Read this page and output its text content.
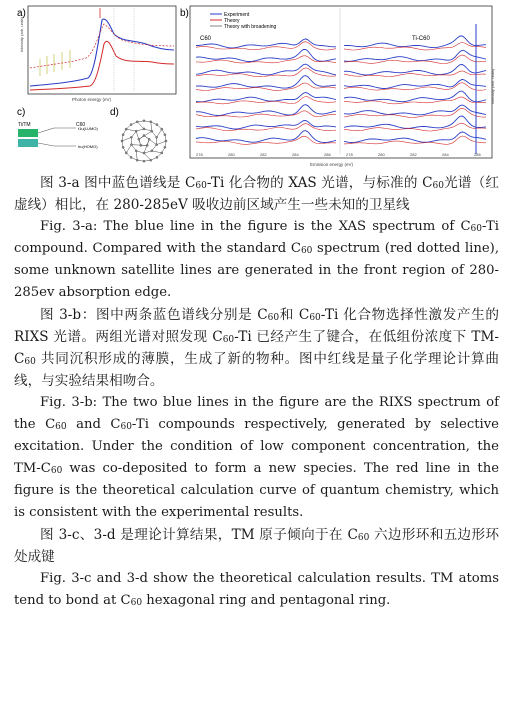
a)
Intensity (arb. units)
Photon energy (eV)
b)	Experiment
Theory
Theory with broadening
C60	Ti-C60
278	280	282	284	286	278	280	282	284	286
Emission energy (eV)
Intensity (arb. units)
c)
Ti/TM	C60
t1u(LUMO)
hu(HOMO)
d)

图 3-a 图中蓝色谱线是 $C_{60}-Ti$ 化合物的 XAS 光谱，与标准的 $C_{60}$光谱（红虚线）相比，在 280-285eV 吸收边前区域产生一些未知的卫星线

Fig. 3-a: The blue line in the figure is the XAS spectrum of $C_{60}-Ti$ compound. Compared with the standard $C_{60}$ spectrum (red dotted line), some unknown satellite lines are generated in the front region of 280-285ev absorption edge.

图 3-b：图中两条蓝色谱线分别是 $C_{60}$和 $C_{60}-Ti$ 化合物选择性激发产生的 RIXS 光谱。两组光谱对照发现 $C_{60}-Ti$ 已经产生了键合，在低组份浓度下 $TM-C_{60}$ 共同沉积形成的薄膜，生成了新的物种。图中红线是量子化学理论计算曲线，与实验结果相吻合。

Fig. 3-b: The two blue lines in the figure are the RIXS spectrum of the $C_{60}$ and $C_{60}-Ti$ compounds respectively, generated by selective excitation. Under the condition of low component concentration, the $TM-C_{60}$ was co-deposited to form a new species. The red line in the figure is the theoretical calculation curve of quantum chemistry, which is consistent with the experimental results.

图 3-c、3-d 是理论计算结果，TM 原子倾向于在 $C_{60}$ 六边形环和五边形环处成键

Fig. 3-c and 3-d show the theoretical calculation results. TM atoms tend to bond at $C_{60}$ hexagonal ring and pentagonal ring.
